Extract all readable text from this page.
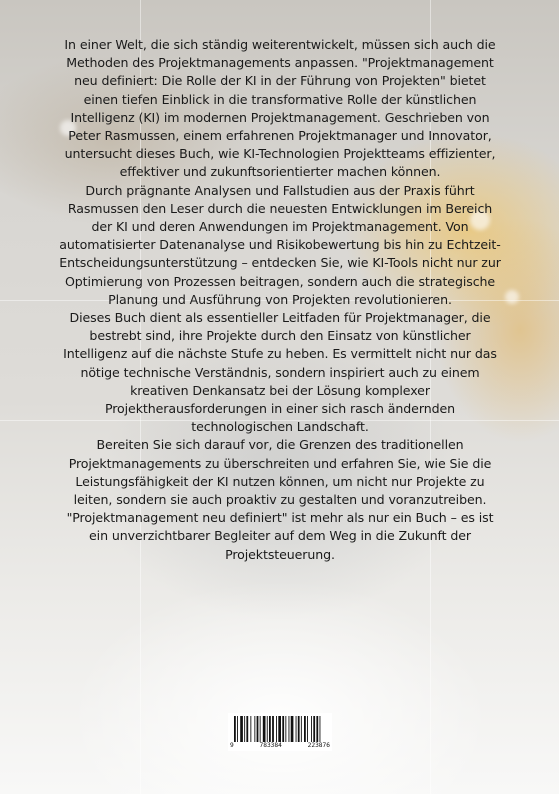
In einer Welt, die sich ständig weiterentwickelt, müssen sich auch die Methoden des Projektmanagements anpassen. "Projektmanagement neu definiert: Die Rolle der KI in der Führung von Projekten" bietet einen tiefen Einblick in die transformative Rolle der künstlichen Intelligenz (KI) im modernen Projektmanagement. Geschrieben von Peter Rasmussen, einem erfahrenen Projektmanager und Innovator, untersucht dieses Buch, wie KI-Technologien Projektteams effizienter, effektiver und zukunftsorientierter machen können.

Durch prägnante Analysen und Fallstudien aus der Praxis führt Rasmussen den Leser durch die neuesten Entwicklungen im Bereich der KI und deren Anwendungen im Projektmanagement. Von automatisierter Datenanalyse und Risikobewertung bis hin zu Echtzeit-Entscheidungsunterstützung – entdecken Sie, wie KI-Tools nicht nur zur Optimierung von Prozessen beitragen, sondern auch die strategische Planung und Ausführung von Projekten revolutionieren.

Dieses Buch dient als essentieller Leitfaden für Projektmanager, die bestrebt sind, ihre Projekte durch den Einsatz von künstlicher Intelligenz auf die nächste Stufe zu heben. Es vermittelt nicht nur das nötige technische Verständnis, sondern inspiriert auch zu einem kreativen Denkansatz bei der Lösung komplexer Projektherausforderungen in einer sich rasch ändernden technologischen Landschaft.

Bereiten Sie sich darauf vor, die Grenzen des traditionellen Projektmanagements zu überschreiten und erfahren Sie, wie Sie die Leistungsfähigkeit der KI nutzen können, um nicht nur Projekte zu leiten, sondern sie auch proaktiv zu gestalten und voranzutreiben. "Projektmanagement neu definiert" ist mehr als nur ein Buch – es ist ein unverzichtbarer Begleiter auf dem Weg in die Zukunft der Projektsteuerung.

9	783384	223876
